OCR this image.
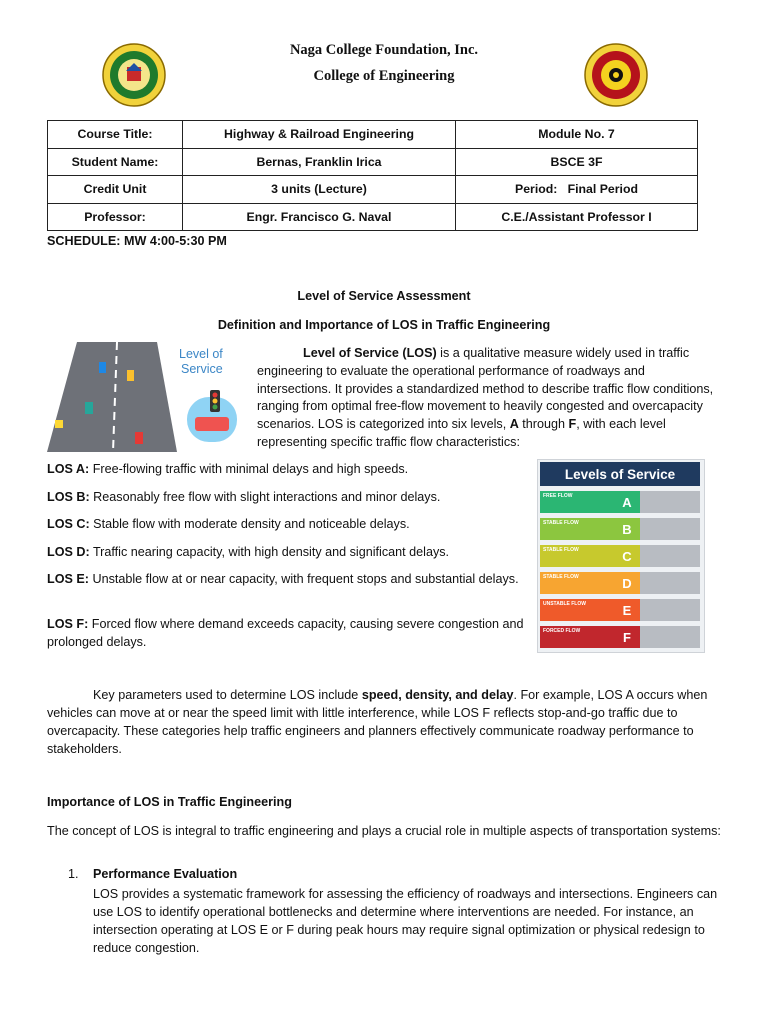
Naga College Foundation, Inc.
College of Engineering
Course Title:	Highway & Railroad Engineering	Module No. 7
Student Name:	Bernas, Franklin Irica	BSCE 3F
Credit Unit	3 units (Lecture)	Period:   Final Period
Professor:	Engr. Francisco G. Naval	C.E./Assistant Professor I
SCHEDULE: MW 4:00-5:30 PM
Level of Service Assessment
Definition and Importance of LOS in Traffic Engineering
Level of
Service
Level of Service (LOS) is a qualitative measure widely used in traffic engineering to evaluate the operational performance of roadways and intersections. It provides a standardized method to describe traffic flow conditions, ranging from optimal free-flow movement to heavily congested and overcapacity scenarios. LOS is categorized into six levels, A through F, with each level representing specific traffic flow characteristics:
LOS A: Free-flowing traffic with minimal delays and high speeds.
LOS B: Reasonably free flow with slight interactions and minor delays.
LOS C: Stable flow with moderate density and noticeable delays.
LOS D: Traffic nearing capacity, with high density and significant delays.
LOS E: Unstable flow at or near capacity, with frequent stops and substantial delays.
LOS F: Forced flow where demand exceeds capacity, causing severe congestion and prolonged delays.
Levels of Service
FREE FLOW	A
STABLE FLOW	B
STABLE FLOW	C
STABLE FLOW	D
UNSTABLE FLOW	E
FORCED FLOW	F
Key parameters used to determine LOS include speed, density, and delay. For example, LOS A occurs when vehicles can move at or near the speed limit with little interference, while LOS F reflects stop-and-go traffic due to overcapacity. These categories help traffic engineers and planners effectively communicate roadway performance to stakeholders.
Importance of LOS in Traffic Engineering
The concept of LOS is integral to traffic engineering and plays a crucial role in multiple aspects of transportation systems:
1. Performance Evaluation
LOS provides a systematic framework for assessing the efficiency of roadways and intersections. Engineers can use LOS to identify operational bottlenecks and determine where interventions are needed. For instance, an intersection operating at LOS E or F during peak hours may require signal optimization or physical redesign to reduce congestion.
